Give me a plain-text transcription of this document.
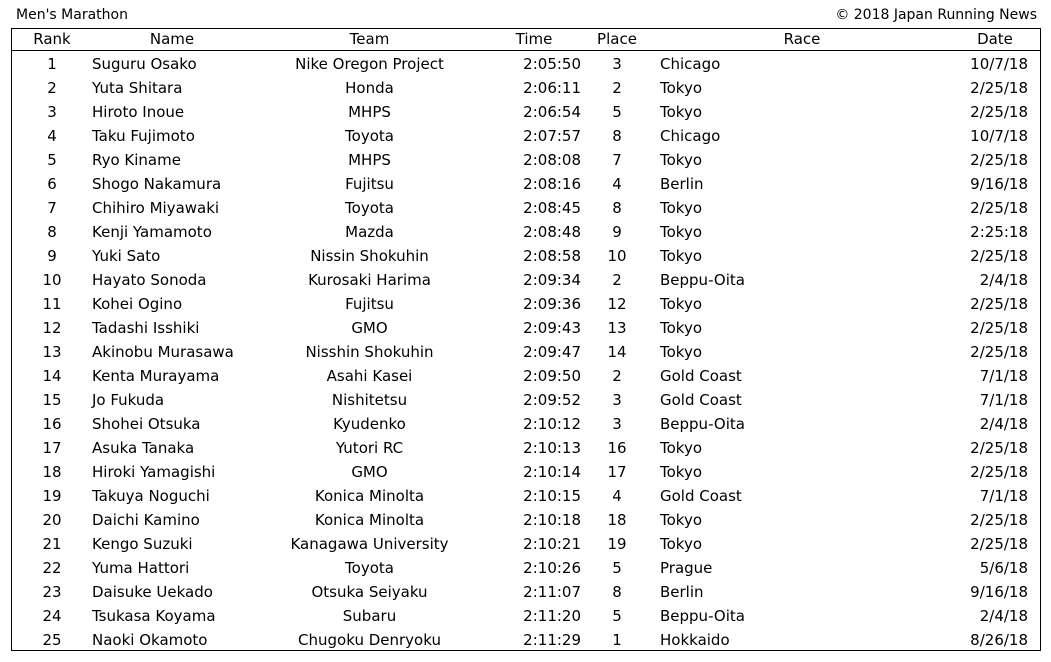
Men's Marathon	© 2018 Japan Running News
Rank	Name	Team	Time	Place	Race	Date
1	Suguru Osako	Nike Oregon Project	2:05:50	3	Chicago	10/7/18
2	Yuta Shitara	Honda	2:06:11	2	Tokyo	2/25/18
3	Hiroto Inoue	MHPS	2:06:54	5	Tokyo	2/25/18
4	Taku Fujimoto	Toyota	2:07:57	8	Chicago	10/7/18
5	Ryo Kiname	MHPS	2:08:08	7	Tokyo	2/25/18
6	Shogo Nakamura	Fujitsu	2:08:16	4	Berlin	9/16/18
7	Chihiro Miyawaki	Toyota	2:08:45	8	Tokyo	2/25/18
8	Kenji Yamamoto	Mazda	2:08:48	9	Tokyo	2:25:18
9	Yuki Sato	Nissin Shokuhin	2:08:58	10	Tokyo	2/25/18
10	Hayato Sonoda	Kurosaki Harima	2:09:34	2	Beppu-Oita	2/4/18
11	Kohei Ogino	Fujitsu	2:09:36	12	Tokyo	2/25/18
12	Tadashi Isshiki	GMO	2:09:43	13	Tokyo	2/25/18
13	Akinobu Murasawa	Nisshin Shokuhin	2:09:47	14	Tokyo	2/25/18
14	Kenta Murayama	Asahi Kasei	2:09:50	2	Gold Coast	7/1/18
15	Jo Fukuda	Nishitetsu	2:09:52	3	Gold Coast	7/1/18
16	Shohei Otsuka	Kyudenko	2:10:12	3	Beppu-Oita	2/4/18
17	Asuka Tanaka	Yutori RC	2:10:13	16	Tokyo	2/25/18
18	Hiroki Yamagishi	GMO	2:10:14	17	Tokyo	2/25/18
19	Takuya Noguchi	Konica Minolta	2:10:15	4	Gold Coast	7/1/18
20	Daichi Kamino	Konica Minolta	2:10:18	18	Tokyo	2/25/18
21	Kengo Suzuki	Kanagawa University	2:10:21	19	Tokyo	2/25/18
22	Yuma Hattori	Toyota	2:10:26	5	Prague	5/6/18
23	Daisuke Uekado	Otsuka Seiyaku	2:11:07	8	Berlin	9/16/18
24	Tsukasa Koyama	Subaru	2:11:20	5	Beppu-Oita	2/4/18
25	Naoki Okamoto	Chugoku Denryoku	2:11:29	1	Hokkaido	8/26/18
